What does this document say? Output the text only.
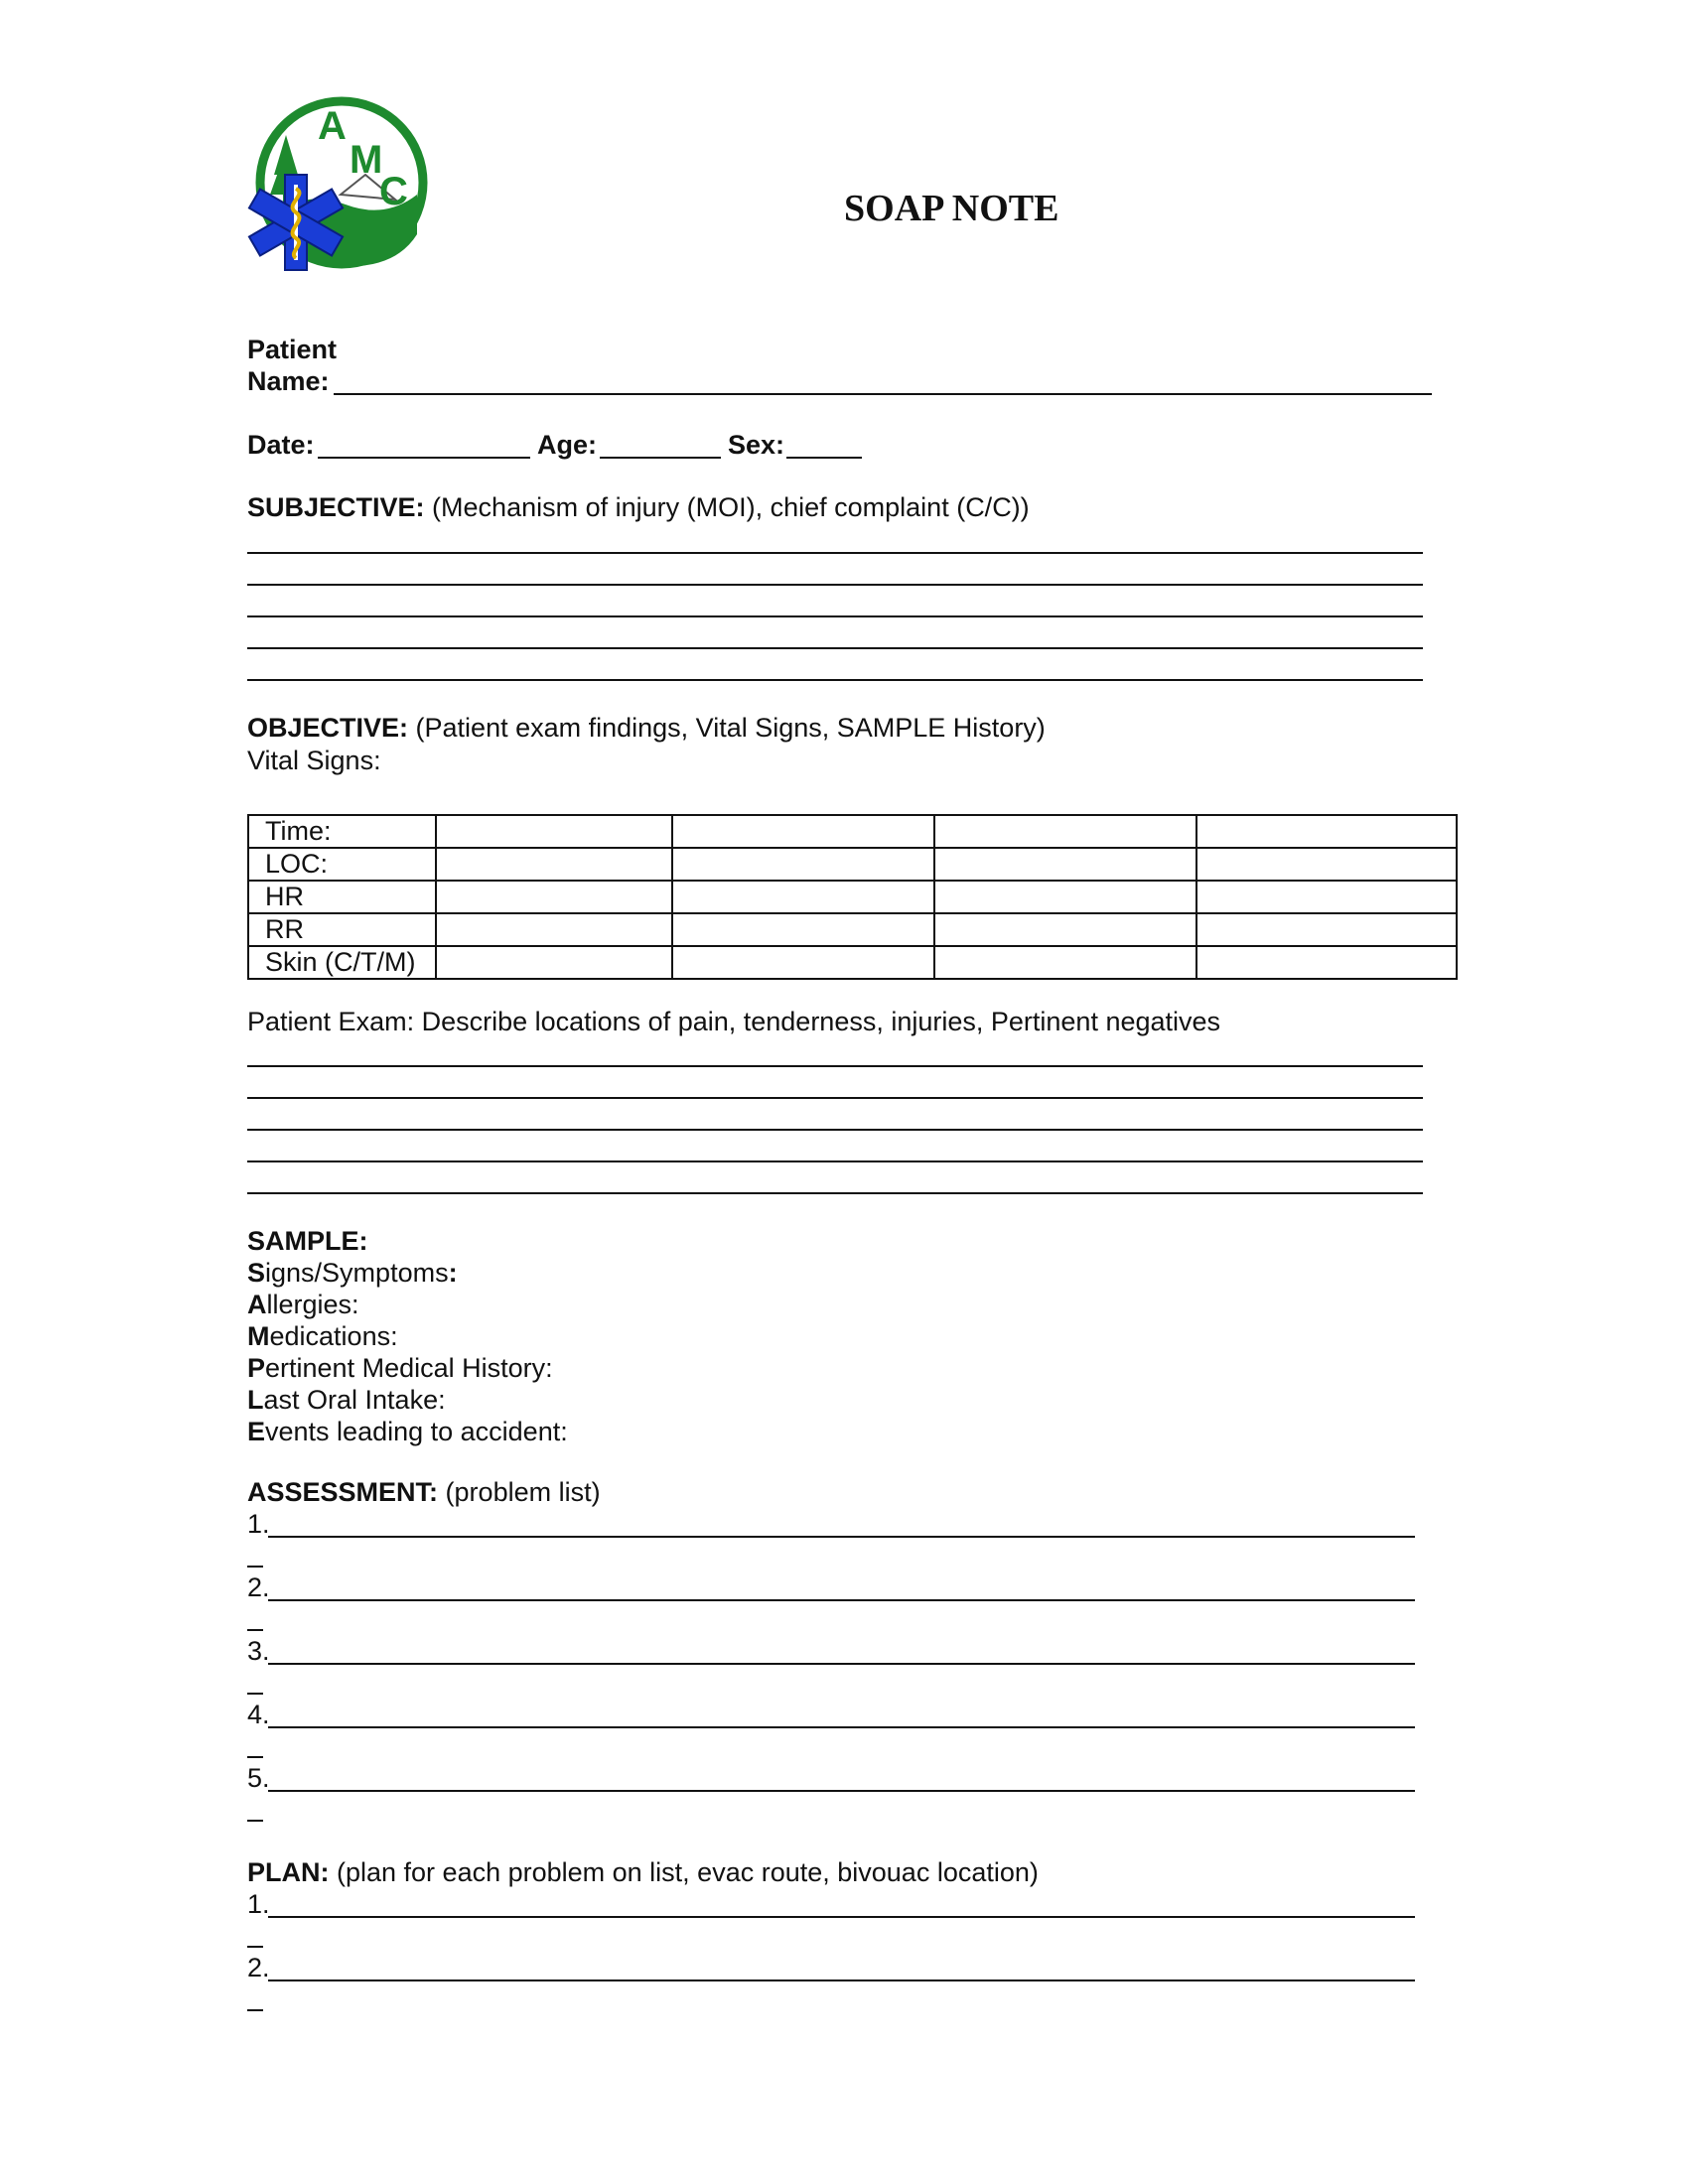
A
M
C	SOAP NOTE
Patient
Name:
Date:	Age:	Sex:
SUBJECTIVE: (Mechanism of injury (MOI), chief complaint (C/C))
OBJECTIVE: (Patient exam findings, Vital Signs, SAMPLE History)
Vital Signs:
Time:				
LOC:				
HR				
RR				
Skin (C/T/M)				
Patient Exam: Describe locations of pain, tenderness, injuries, Pertinent negatives
SAMPLE:
Signs/Symptoms:
Allergies:
Medications:
Pertinent Medical History:
Last Oral Intake:
Events leading to accident:
ASSESSMENT: (problem list)
1.
2.
3.
4.
5.
PLAN: (plan for each problem on list, evac route, bivouac location)
1.
2.
